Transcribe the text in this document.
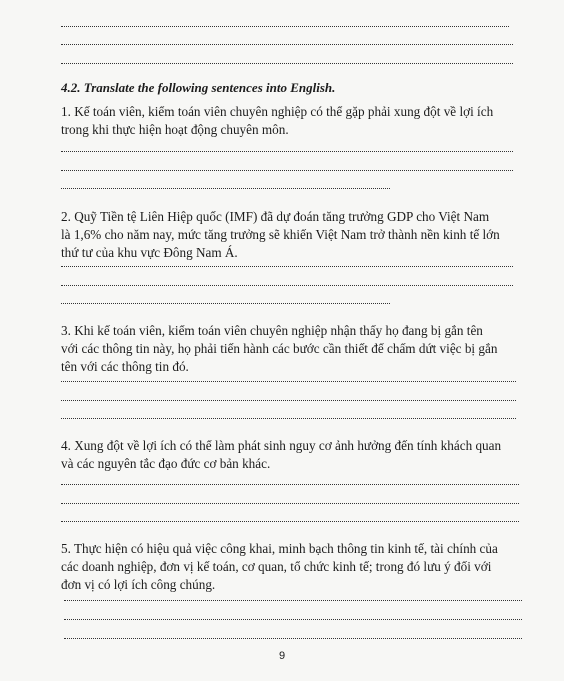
4.2. Translate the following sentences into English.
1. Kế toán viên, kiểm toán viên chuyên nghiệp có thể gặp phải xung đột về lợi ích
trong khi thực hiện hoạt động chuyên môn.
2. Quỹ Tiền tệ Liên Hiệp quốc (IMF) đã dự đoán tăng trưởng GDP cho Việt Nam
là 1,6% cho năm nay, mức tăng trưởng sẽ khiến Việt Nam trở thành nền kinh tế lớn
thứ tư của khu vực Đông Nam Á.
3. Khi kế toán viên, kiểm toán viên chuyên nghiệp nhận thấy họ đang bị gắn tên
với các thông tin này, họ phải tiến hành các bước cần thiết để chấm dứt việc bị gắn
tên với các thông tin đó.
4. Xung đột về lợi ích có thể làm phát sinh nguy cơ ảnh hưởng đến tính khách quan
và các nguyên tắc đạo đức cơ bản khác.
5. Thực hiện có hiệu quả việc công khai, minh bạch thông tin kinh tế, tài chính của
các doanh nghiệp, đơn vị kế toán, cơ quan, tổ chức kinh tế; trong đó lưu ý đối với
đơn vị có lợi ích công chúng.
9
